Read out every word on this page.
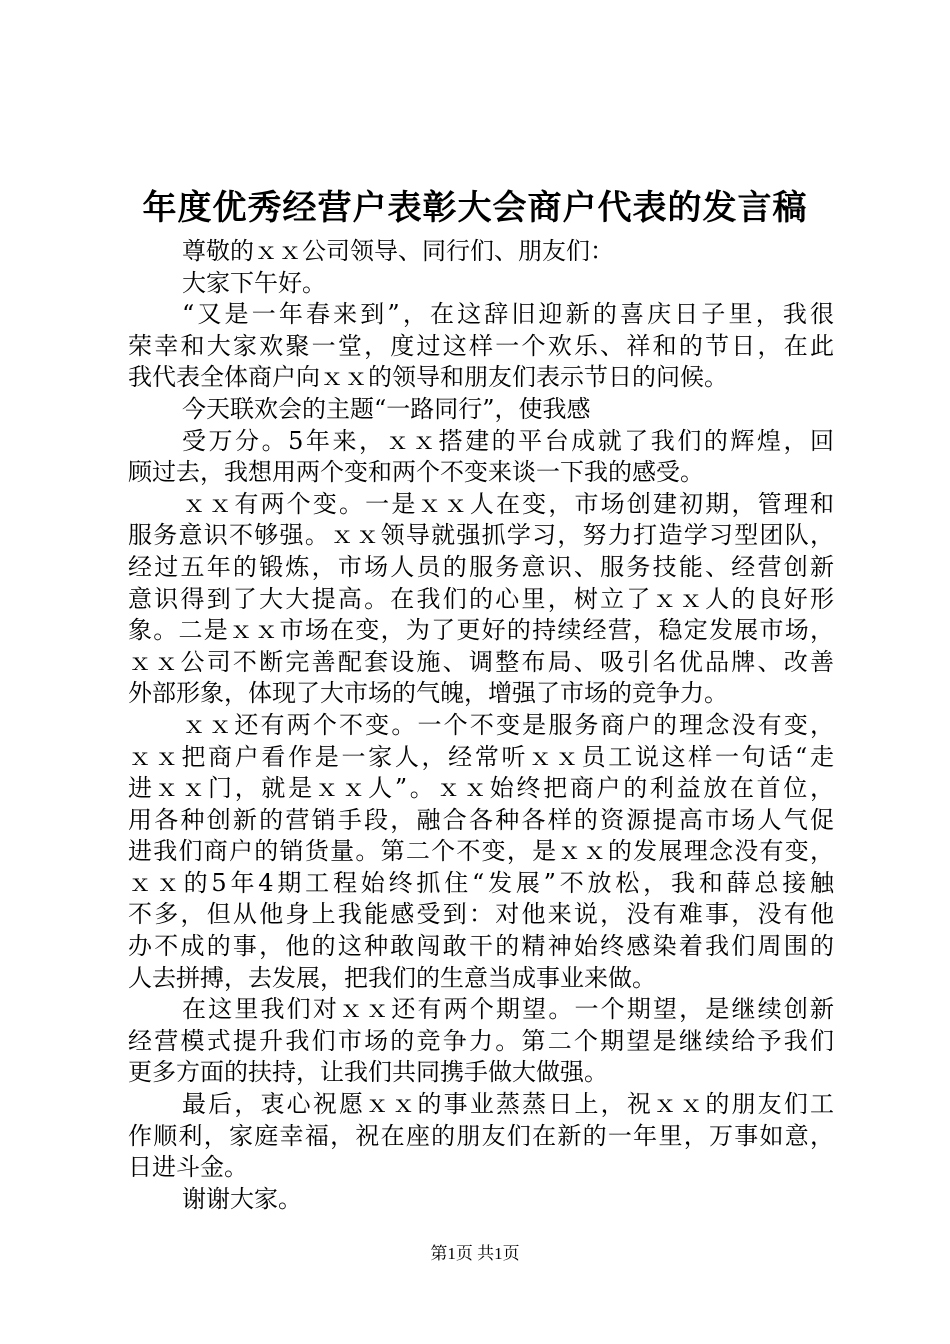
年度优秀经营户表彰大会商户代表的发言稿
尊敬的ｘｘ公司领导、同行们、朋友们：
大家下午好。
“又是一年春来到”，在这辞旧迎新的喜庆日子里，我很
荣幸和大家欢聚一堂，度过这样一个欢乐、祥和的节日，在此
我代表全体商户向ｘｘ的领导和朋友们表示节日的问候。
今天联欢会的主题“一路同行”，使我感
受万分。5年来，ｘｘ搭建的平台成就了我们的辉煌，回
顾过去，我想用两个变和两个不变来谈一下我的感受。
ｘｘ有两个变。一是ｘｘ人在变，市场创建初期，管理和
服务意识不够强。ｘｘ领导就强抓学习，努力打造学习型团队，
经过五年的锻炼，市场人员的服务意识、服务技能、经营创新
意识得到了大大提高。在我们的心里，树立了ｘｘ人的良好形
象。二是ｘｘ市场在变，为了更好的持续经营，稳定发展市场，
ｘｘ公司不断完善配套设施、调整布局、吸引名优品牌、改善
外部形象，体现了大市场的气魄，增强了市场的竞争力。
ｘｘ还有两个不变。一个不变是服务商户的理念没有变，
ｘｘ把商户看作是一家人，经常听ｘｘ员工说这样一句话“走
进ｘｘ门，就是ｘｘ人”。ｘｘ始终把商户的利益放在首位，
用各种创新的营销手段，融合各种各样的资源提高市场人气促
进我们商户的销货量。第二个不变，是ｘｘ的发展理念没有变，
ｘｘ的5年4期工程始终抓住“发展”不放松，我和薛总接触
不多，但从他身上我能感受到：对他来说，没有难事，没有他
办不成的事，他的这种敢闯敢干的精神始终感染着我们周围的
人去拼搏，去发展，把我们的生意当成事业来做。
在这里我们对ｘｘ还有两个期望。一个期望，是继续创新
经营模式提升我们市场的竞争力。第二个期望是继续给予我们
更多方面的扶持，让我们共同携手做大做强。
最后，衷心祝愿ｘｘ的事业蒸蒸日上，祝ｘｘ的朋友们工
作顺利，家庭幸福，祝在座的朋友们在新的一年里，万事如意，
日进斗金。
谢谢大家。
第1页 共1页
